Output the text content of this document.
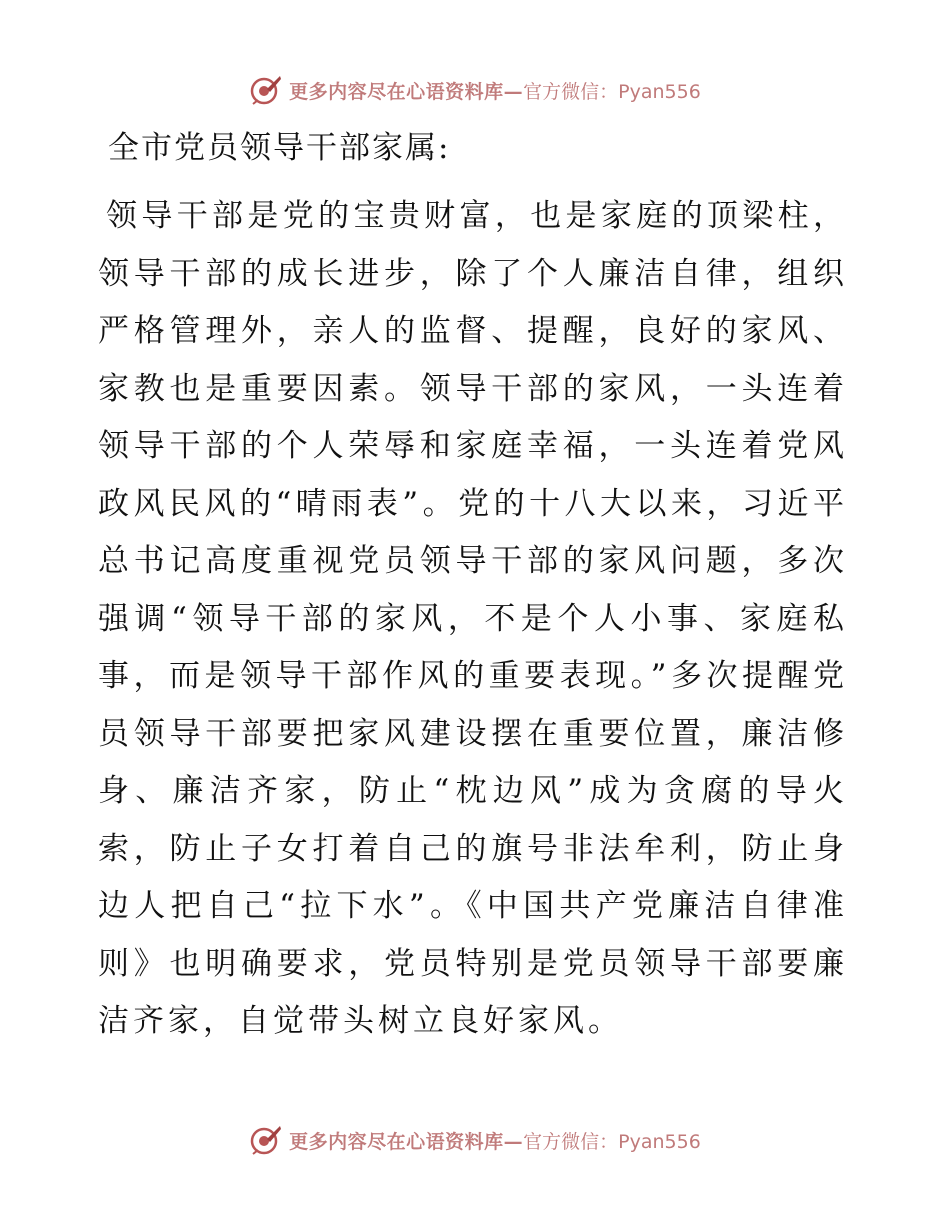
更多内容尽在心语资料库— 官方微信：Pyan556

全市党员领导干部家属:

领导干部是党的宝贵财富，也是家庭的顶梁柱，领导干部的成长进步，除了个人廉洁自律，组织严格管理外，亲人的监督、提醒，良好的家风、家教也是重要因素。领导干部的家风，一头连着领导干部的个人荣辱和家庭幸福，一头连着党风政风民风的“晴雨表”。党的十八大以来，习近平总书记高度重视党员领导干部的家风问题，多次强调“领导干部的家风，不是个人小事、家庭私事，而是领导干部作风的重要表现。”多次提醒党员领导干部要把家风建设摆在重要位置，廉洁修身、廉洁齐家，防止“枕边风”成为贪腐的导火索，防止子女打着自己的旗号非法牟利，防止身边人把自己“拉下水”。《中国共产党廉洁自律准则》也明确要求，党员特别是党员领导干部要廉洁齐家，自觉带头树立良好家风。

更多内容尽在心语资料库— 官方微信：Pyan556
